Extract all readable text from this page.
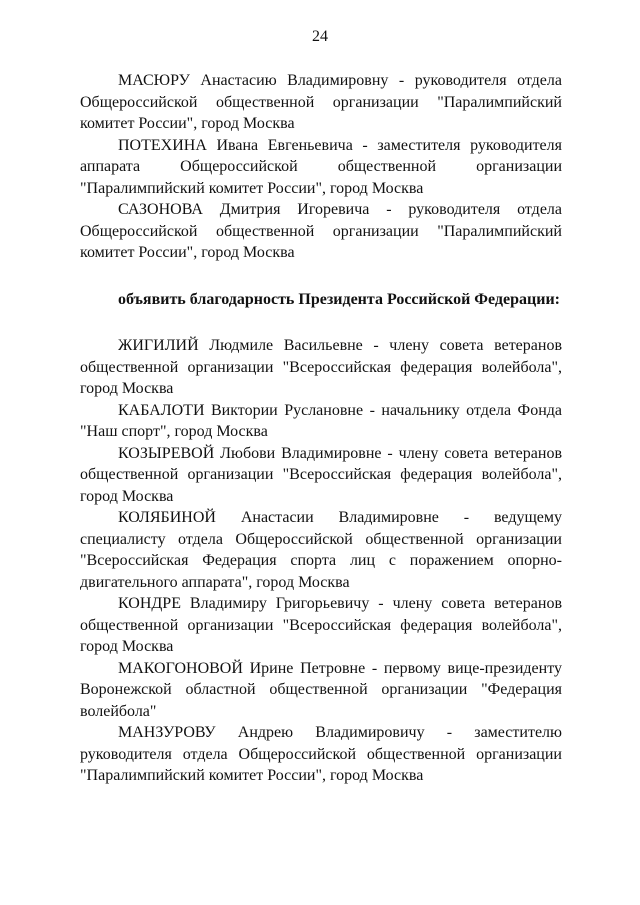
24

МАСЮРУ Анастасию Владимировну - руководителя отдела Общероссийской общественной организации "Паралимпийский комитет России", город Москва

ПОТЕХИНА Ивана Евгеньевича - заместителя руководителя аппарата Общероссийской общественной организации "Паралимпийский комитет России", город Москва

САЗОНОВА Дмитрия Игоревича - руководителя отдела Общероссийской общественной организации "Паралимпийский комитет России", город Москва

объявить благодарность Президента Российской Федерации:

ЖИГИЛИЙ Людмиле Васильевне - члену совета ветеранов общественной организации "Всероссийская федерация волейбола", город Москва

КАБАЛОТИ Виктории Руслановне - начальнику отдела Фонда "Наш спорт", город Москва

КОЗЫРЕВОЙ Любови Владимировне - члену совета ветеранов общественной организации "Всероссийская федерация волейбола", город Москва

КОЛЯБИНОЙ Анастасии Владимировне - ведущему специалисту отдела Общероссийской общественной организации "Всероссийская Федерация спорта лиц с поражением опорно-двигательного аппарата", город Москва

КОНДРЕ Владимиру Григорьевичу - члену совета ветеранов общественной организации "Всероссийская федерация волейбола", город Москва

МАКОГОНОВОЙ Ирине Петровне - первому вице-президенту Воронежской областной общественной организации "Федерация волейбола"

МАНЗУРОВУ Андрею Владимировичу - заместителю руководителя отдела Общероссийской общественной организации "Паралимпийский комитет России", город Москва
